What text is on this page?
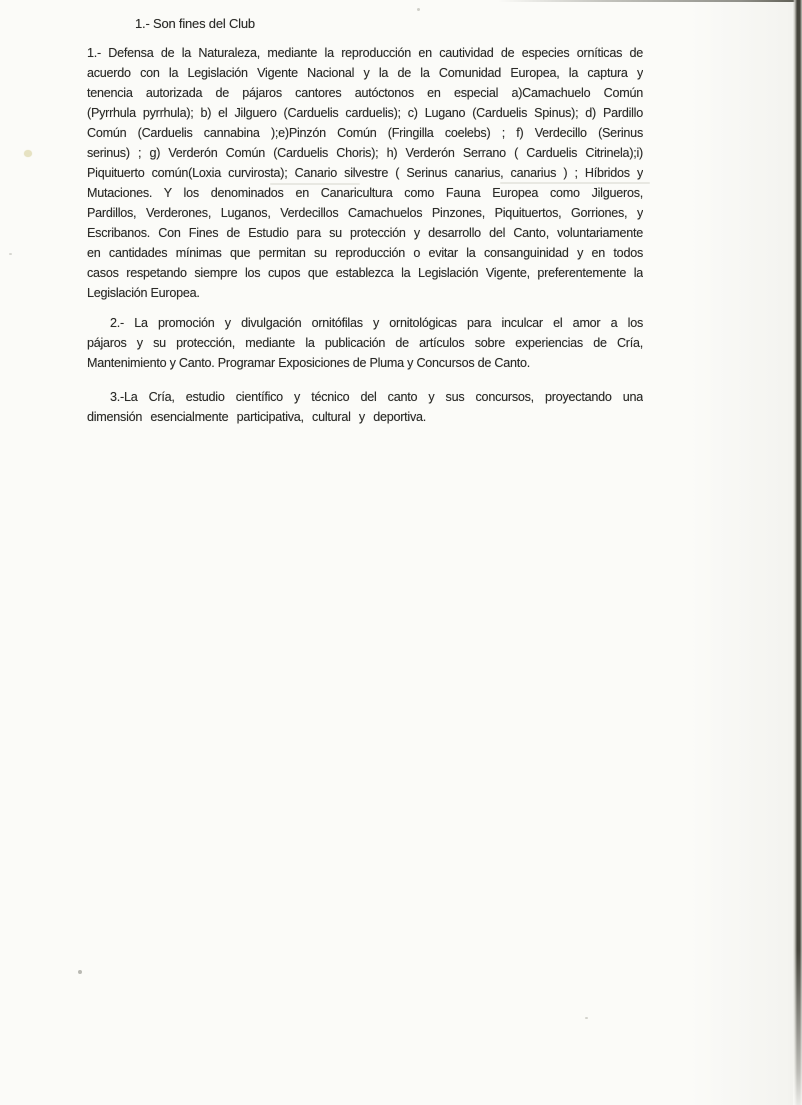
1.- Son fines del Club
1.- Defensa de la Naturaleza, mediante la reproducción en cautividad de especies orníticas de
acuerdo con la Legislación Vigente Nacional y la de la Comunidad Europea, la captura y
tenencia autorizada de pájaros cantores autóctonos en especial a)Camachuelo Común
(Pyrrhula pyrrhula); b) el Jilguero (Carduelis carduelis); c) Lugano (Carduelis Spinus); d) Pardillo
Común (Carduelis cannabina );e)Pinzón Común (Fringilla coelebs) ; f) Verdecillo (Serinus
serinus) ; g) Verderón Común (Carduelis Choris); h) Verderón Serrano ( Carduelis Citrinela);i)
Piquituerto común(Loxia curvirosta); Canario silvestre ( Serinus canarius, canarius ) ; Híbridos y
Mutaciones. Y los denominados en Canaricultura como Fauna Europea como Jilgueros,
Pardillos, Verderones, Luganos, Verdecillos Camachuelos Pinzones, Piquituertos, Gorriones, y
Escribanos. Con Fines de Estudio para su protección y desarrollo del Canto, voluntariamente
en cantidades mínimas que permitan su reproducción o evitar la consanguinidad y en todos
casos respetando siempre los cupos que establezca la Legislación Vigente, preferentemente la
Legislación Europea.
2.- La promoción y divulgación ornitófilas y ornitológicas para inculcar el amor a los
pájaros y su protección, mediante la publicación de artículos sobre experiencias de Cría,
Mantenimiento y Canto. Programar Exposiciones de Pluma y Concursos de Canto.
3.-La Cría, estudio científico y técnico del canto y sus concursos, proyectando una
dimensión esencialmente participativa, cultural y deportiva.
